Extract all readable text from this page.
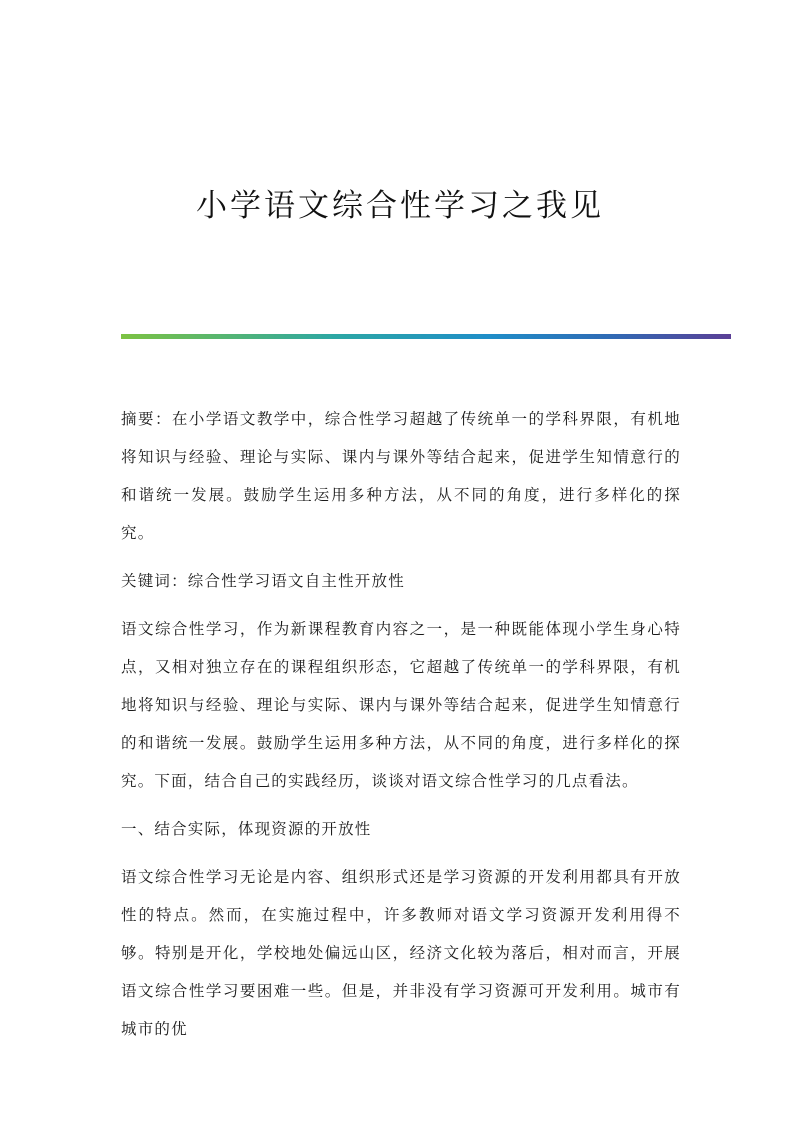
小学语文综合性学习之我见

摘要：在小学语文教学中，综合性学习超越了传统单一的学科界限，有机地将知识与经验、理论与实际、课内与课外等结合起来，促进学生知情意行的和谐统一发展。鼓励学生运用多种方法，从不同的角度，进行多样化的探究。

关键词：综合性学习语文自主性开放性

语文综合性学习，作为新课程教育内容之一，是一种既能体现小学生身心特点，又相对独立存在的课程组织形态，它超越了传统单一的学科界限，有机地将知识与经验、理论与实际、课内与课外等结合起来，促进学生知情意行的和谐统一发展。鼓励学生运用多种方法，从不同的角度，进行多样化的探究。下面，结合自己的实践经历，谈谈对语文综合性学习的几点看法。

一、结合实际，体现资源的开放性

语文综合性学习无论是内容、组织形式还是学习资源的开发利用都具有开放性的特点。然而，在实施过程中，许多教师对语文学习资源开发利用得不够。特别是开化，学校地处偏远山区，经济文化较为落后，相对而言，开展语文综合性学习要困难一些。但是，并非没有学习资源可开发利用。城市有城市的优
